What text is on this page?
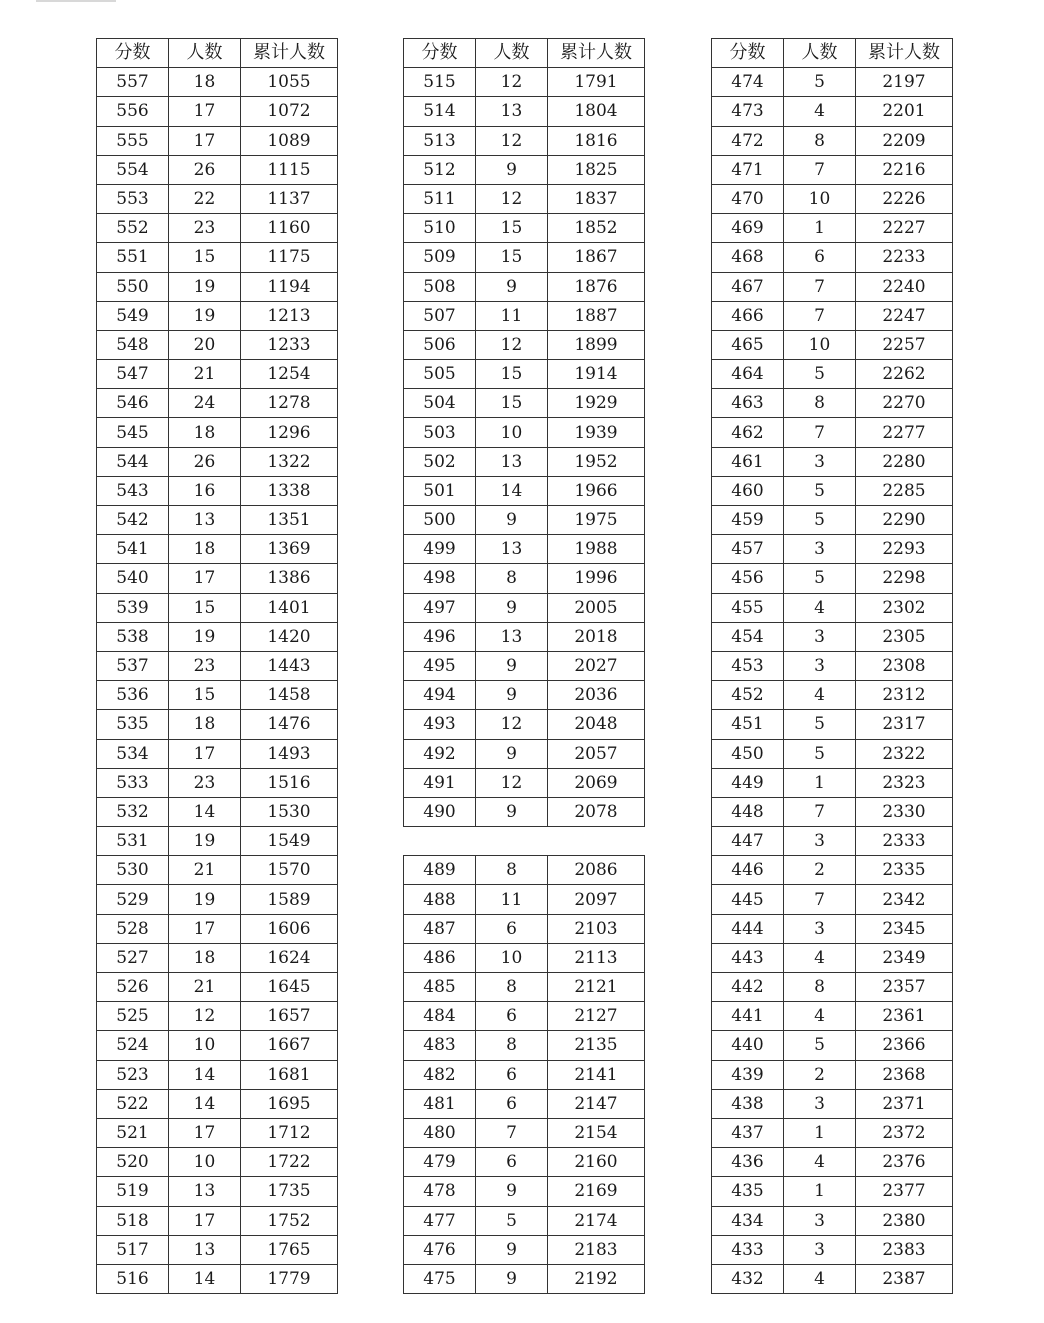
分数	人数	累计人数
557	18	1055
556	17	1072
555	17	1089
554	26	1115
553	22	1137
552	23	1160
551	15	1175
550	19	1194
549	19	1213
548	20	1233
547	21	1254
546	24	1278
545	18	1296
544	26	1322
543	16	1338
542	13	1351
541	18	1369
540	17	1386
539	15	1401
538	19	1420
537	23	1443
536	15	1458
535	18	1476
534	17	1493
533	23	1516
532	14	1530
531	19	1549
530	21	1570
529	19	1589
528	17	1606
527	18	1624
526	21	1645
525	12	1657
524	10	1667
523	14	1681
522	14	1695
521	17	1712
520	10	1722
519	13	1735
518	17	1752
517	13	1765
516	14	1779
分数	人数	累计人数
515	12	1791
514	13	1804
513	12	1816
512	9	1825
511	12	1837
510	15	1852
509	15	1867
508	9	1876
507	11	1887
506	12	1899
505	15	1914
504	15	1929
503	10	1939
502	13	1952
501	14	1966
500	9	1975
499	13	1988
498	8	1996
497	9	2005
496	13	2018
495	9	2027
494	9	2036
493	12	2048
492	9	2057
491	12	2069
490	9	2078

489	8	2086
488	11	2097
487	6	2103
486	10	2113
485	8	2121
484	6	2127
483	8	2135
482	6	2141
481	6	2147
480	7	2154
479	6	2160
478	9	2169
477	5	2174
476	9	2183
475	9	2192
分数	人数	累计人数
474	5	2197
473	4	2201
472	8	2209
471	7	2216
470	10	2226
469	1	2227
468	6	2233
467	7	2240
466	7	2247
465	10	2257
464	5	2262
463	8	2270
462	7	2277
461	3	2280
460	5	2285
459	5	2290
457	3	2293
456	5	2298
455	4	2302
454	3	2305
453	3	2308
452	4	2312
451	5	2317
450	5	2322
449	1	2323
448	7	2330
447	3	2333
446	2	2335
445	7	2342
444	3	2345
443	4	2349
442	8	2357
441	4	2361
440	5	2366
439	2	2368
438	3	2371
437	1	2372
436	4	2376
435	1	2377
434	3	2380
433	3	2383
432	4	2387
